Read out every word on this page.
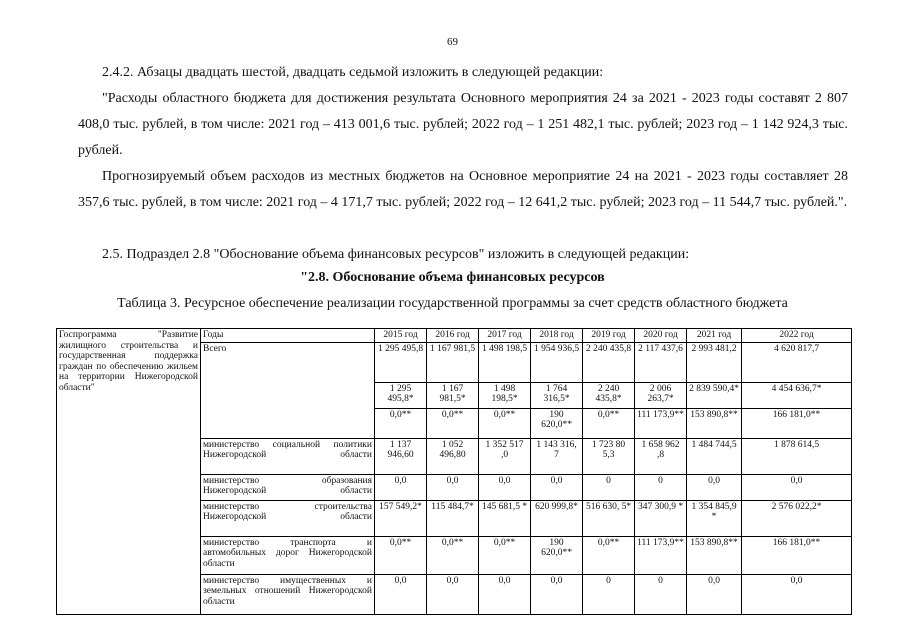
69
2.4.2. Абзацы двадцать шестой, двадцать седьмой изложить в следующей редакции:
"Расходы областного бюджета для достижения результата Основного мероприятия 24 за 2021 - 2023 годы составят 2 807 408,0 тыс. рублей, в том числе: 2021 год – 413 001,6 тыс. рублей; 2022 год – 1 251 482,1 тыс. рублей; 2023 год – 1 142 924,3 тыс. рублей.
Прогнозируемый объем расходов из местных бюджетов на Основное мероприятие 24 на 2021 - 2023 годы составляет 28 357,6 тыс. рублей, в том числе: 2021 год – 4 171,7 тыс. рублей; 2022 год – 12 641,2 тыс. рублей; 2023 год – 11 544,7 тыс. рублей.".
2.5. Подраздел 2.8 "Обоснование объема финансовых ресурсов" изложить в следующей редакции:
"2.8. Обоснование объема финансовых ресурсов
Таблица 3. Ресурсное обеспечение реализации государственной программы за счет средств областного бюджета
Госпрограмма "Развитие жилищного строительства и государственная поддержка граждан по обеспечению жильем на территории Нижегородской области"	Годы	2015 год	2016 год	2017 год	2018 год	2019 год	2020 год	2021 год	2022 год
	Всего	1 295 495,8	1 167 981,5	1 498 198,5	1 954 936,5	2 240 435,8	2 117 437,6	2 993 481,2	4 620 817,7
		1 295 495,8*	1 167 981,5*	1 498 198,5*	1 764 316,5*	2 240 435,8*	2 006 263,7*	2 839 590,4*	4 454 636,7*
		0,0**	0,0**	0,0**	190 620,0**	0,0**	111 173,9**	153 890,8**	166 181,0**
	министерство социальной политики Нижегородской области	1 137 946,60	1 052 496,80	1 352 517 ,0	1 143 316, 7	1 723 80 5,3	1 658 962 ,8	1 484 744,5	1 878 614,5
	министерство образования Нижегородской области	0,0	0,0	0,0	0,0	0	0	0,0	0,0
	министерство строительства Нижегородской области	157 549,2*	115 484,7*	145 681,5 *	620 999,8*	516 630, 5*	347 300,9 *	1 354 845,9 *	2 576 022,2*
	министерство транспорта и автомобильных дорог Нижегородской области	0,0**	0,0**	0,0**	190 620,0**	0,0**	111 173,9**	153 890,8**	166 181,0**
	министерство имущественных и земельных отношений Нижегородской области	0,0	0,0	0,0	0,0	0	0	0,0	0,0
